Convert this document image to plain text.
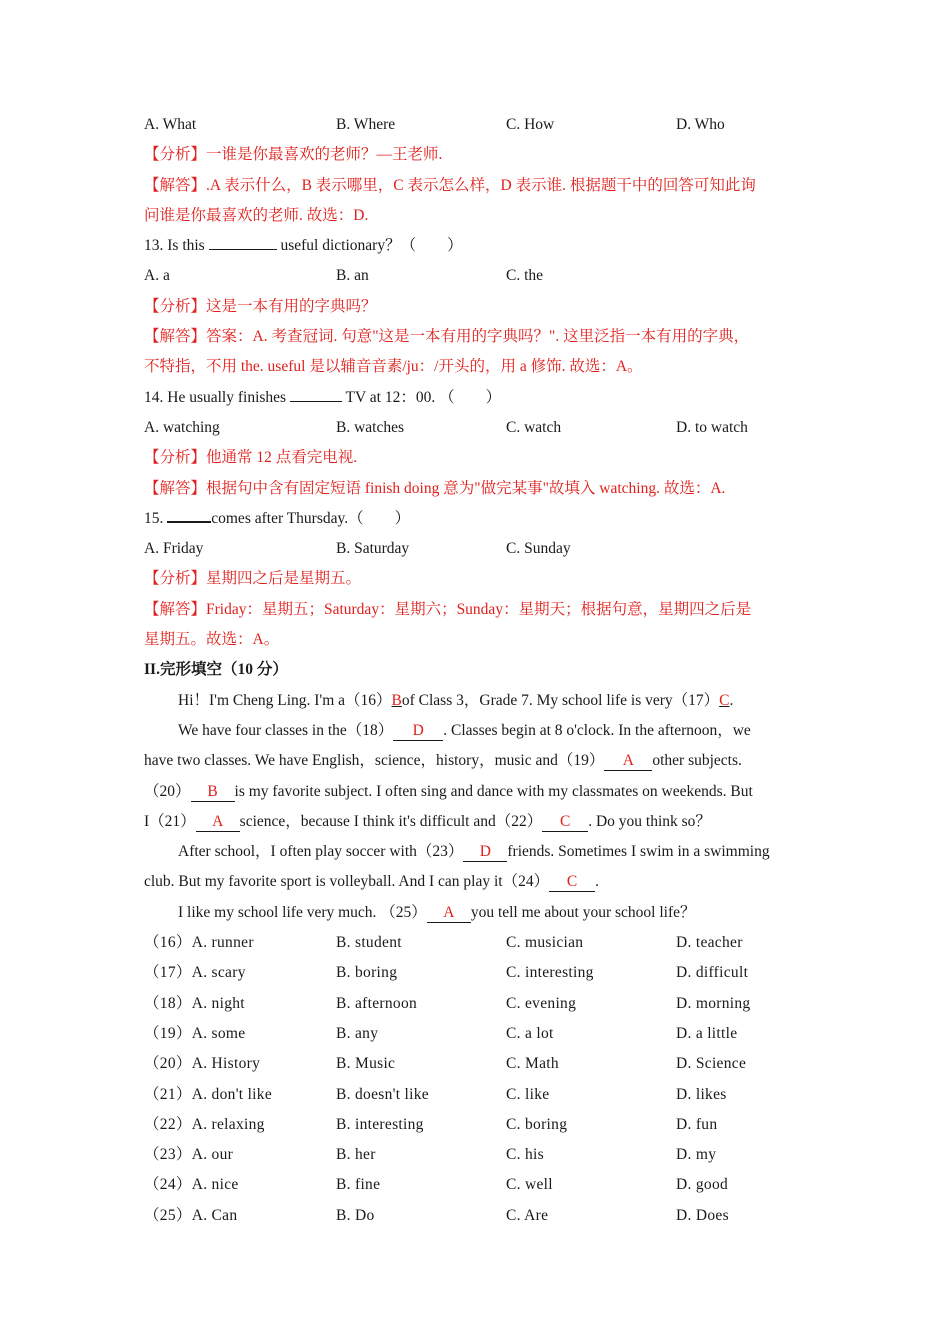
A. What	B. Where	C. How	D. Who
【分析】一谁是你最喜欢的老师？—王老师.
【解答】.A 表示什么，B 表示哪里，C 表示怎么样，D 表示谁. 根据题干中的回答可知此询
问谁是你最喜欢的老师. 故选：D.
13. Is this	useful dictionary？（　　）
A. a	B. an	C. the
【分析】这是一本有用的字典吗？
【解答】答案：A. 考查冠词. 句意"这是一本有用的字典吗？". 这里泛指一本有用的字典，
不特指，不用 the. useful 是以辅音音素/ju：/开头的，用 a 修饰. 故选：A。
14. He usually finishes	TV at 12：00. （　　）
A. watching	B. watches	C. watch	D. to watch
【分析】他通常 12 点看完电视.
【解答】根据句中含有固定短语 finish doing 意为"做完某事"故填入 watching. 故选：A.
15.	comes after Thursday.（　　）
A. Friday	B. Saturday	C. Sunday
【分析】星期四之后是星期五。
【解答】Friday：星期五；Saturday：星期六；Sunday：星期天；根据句意，星期四之后是
星期五。故选：A。
II.完形填空（10 分）
Hi！I'm Cheng Ling. I'm a（16）Bof Class 3，Grade 7. My school life is very（17）C.
We have four classes in the（18） D . Classes begin at 8 o'clock. In the afternoon，we
have two classes. We have English，science，history，music and（19） A other subjects.
（20） B is my favorite subject. I often sing and dance with my classmates on weekends. But
I（21） A science，because I think it's difficult and（22） C . Do you think so？
After school，I often play soccer with（23） D friends. Sometimes I swim in a swimming
club. But my favorite sport is volleyball. And I can play it（24） C .
I like my school life very much. （25） A you tell me about your school life？
（16）A. runner	B. student	C. musician	D. teacher
（17）A. scary	B. boring	C. interesting	D. difficult
（18）A. night	B. afternoon	C. evening	D. morning
（19）A. some	B. any	C. a lot	D. a little
（20）A. History	B. Music	C. Math	D. Science
（21）A. don't like	B. doesn't like	C. like	D. likes
（22）A. relaxing	B. interesting	C. boring	D. fun
（23）A. our	B. her	C. his	D. my
（24）A. nice	B. fine	C. well	D. good
（25）A. Can	B. Do	C. Are	D. Does
